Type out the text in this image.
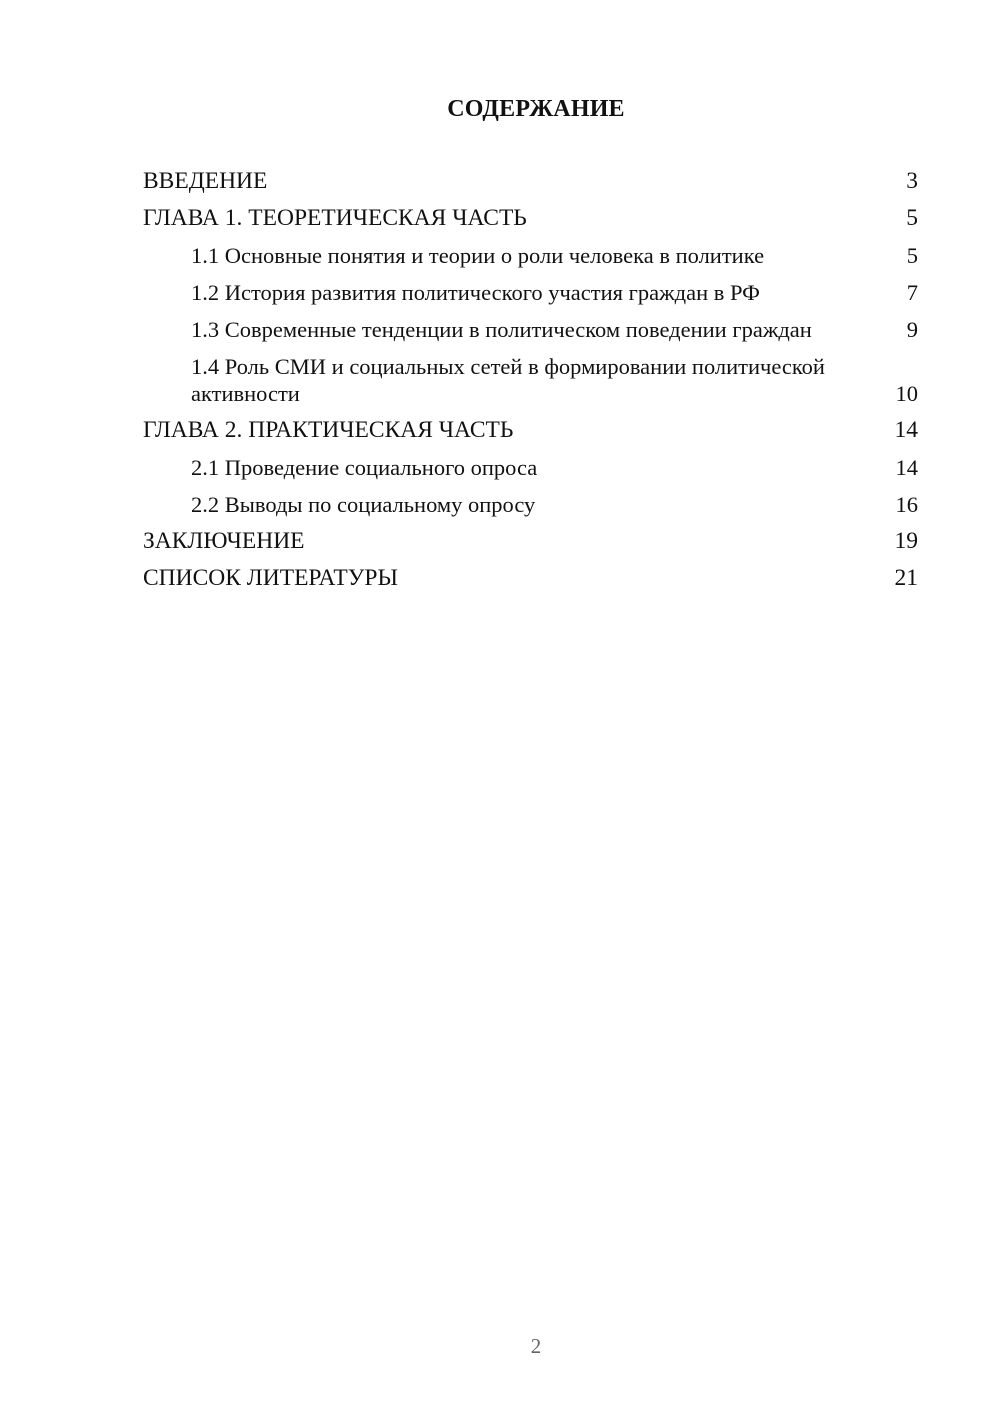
СОДЕРЖАНИЕ
ВВЕДЕНИЕ	3
ГЛАВА 1. ТЕОРЕТИЧЕСКАЯ ЧАСТЬ	5
1.1 Основные понятия и теории о роли человека в политике	5
1.2 История развития политического участия граждан в РФ	7
1.3 Современные тенденции в политическом поведении граждан	9
1.4 Роль СМИ и социальных сетей в формировании политической активности	10
ГЛАВА 2. ПРАКТИЧЕСКАЯ ЧАСТЬ	14
2.1 Проведение социального опроса	14
2.2 Выводы по социальному опросу	16
ЗАКЛЮЧЕНИЕ	19
СПИСОК ЛИТЕРАТУРЫ	21
2
